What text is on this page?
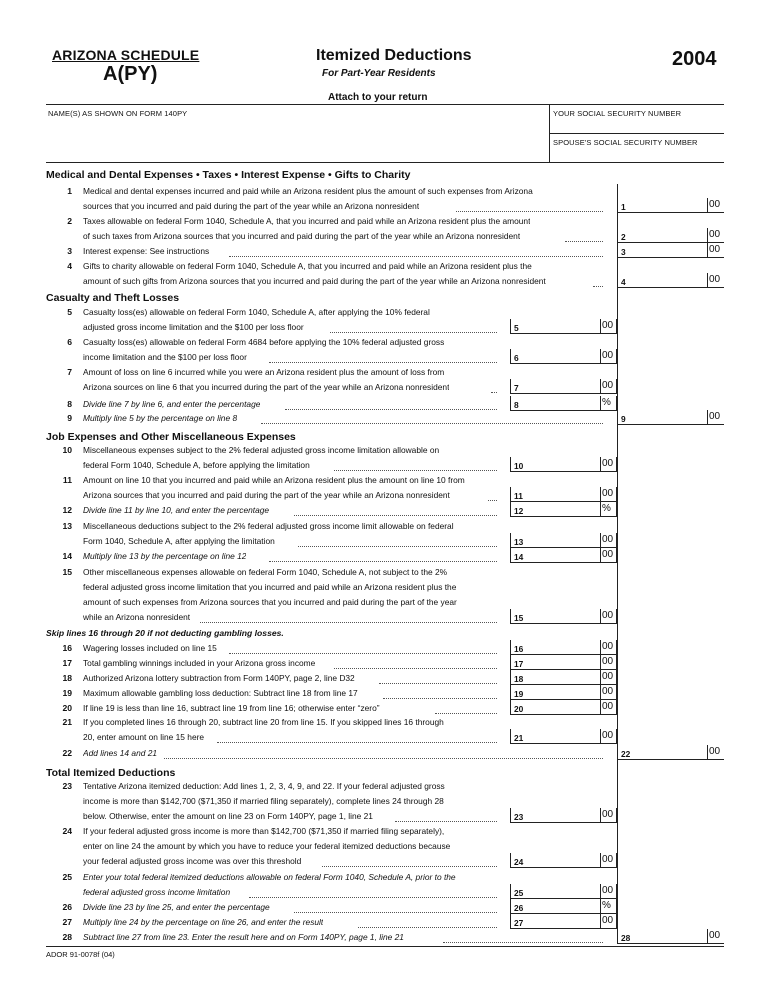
ARIZONA SCHEDULE
A(PY)
Itemized Deductions
For Part-Year Residents
2004
Attach to your return
NAME(S) AS SHOWN ON FORM 140PY	YOUR SOCIAL SECURITY NUMBER
SPOUSE'S SOCIAL SECURITY NUMBER
Medical and Dental Expenses • Taxes • Interest Expense • Gifts to Charity
Casualty and Theft Losses
Job Expenses and Other Miscellaneous Expenses
Skip lines 16 through 20 if not deducting gambling losses.
Total Itemized Deductions
1 Medical and dental expenses incurred and paid while an Arizona resident plus the amount of such expenses from Arizona
sources that you incurred and paid during the part of the year while an Arizona nonresident	1	00
2 Taxes allowable on federal Form 1040, Schedule A, that you incurred and paid while an Arizona resident plus the amount
of such taxes from Arizona sources that you incurred and paid during the part of the year while an Arizona nonresident	2	00
3 Interest expense: See instructions	3	00
4 Gifts to charity allowable on federal Form 1040, Schedule A, that you incurred and paid while an Arizona resident plus the
amount of such gifts from Arizona sources that you incurred and paid during the part of the year while an Arizona nonresident	4	00
5 Casualty loss(es) allowable on federal Form 1040, Schedule A, after applying the 10% federal
adjusted gross income limitation and the $100 per loss floor	5	00
6 Casualty loss(es) allowable on federal Form 4684 before applying the 10% federal adjusted gross
income limitation and the $100 per loss floor	6	00
7 Amount of loss on line 6 incurred while you were an Arizona resident plus the amount of loss from
Arizona sources on line 6 that you incurred during the part of the year while an Arizona nonresident	7	00
8 Divide line 7 by line 6, and enter the percentage	8	%
9 Multiply line 5 by the percentage on line 8	9	00
10 Miscellaneous expenses subject to the 2% federal adjusted gross income limitation allowable on
federal Form 1040, Schedule A, before applying the limitation	10	00
11 Amount on line 10 that you incurred and paid while an Arizona resident plus the amount on line 10 from
Arizona sources that you incurred and paid during the part of the year while an Arizona nonresident	11	00
12 Divide line 11 by line 10, and enter the percentage	12	%
13 Miscellaneous deductions subject to the 2% federal adjusted gross income limit allowable on federal
Form 1040, Schedule A, after applying the limitation	13	00
14 Multiply line 13 by the percentage on line 12	14	00
15 Other miscellaneous expenses allowable on federal Form 1040, Schedule A, not subject to the 2%
federal adjusted gross income limitation that you incurred and paid while an Arizona resident plus the
amount of such expenses from Arizona sources that you incurred and paid during the part of the year
while an Arizona nonresident	15	00
16 Wagering losses included on line 15	16	00
17 Total gambling winnings included in your Arizona gross income	17	00
18 Authorized Arizona lottery subtraction from Form 140PY, page 2, line D32	18	00
19 Maximum allowable gambling loss deduction: Subtract line 18 from line 17	19	00
20 If line 19 is less than line 16, subtract line 19 from line 16; otherwise enter “zero”	20	00
21 If you completed lines 16 through 20, subtract line 20 from line 15. If you skipped lines 16 through
20, enter amount on line 15 here	21	00
22 Add lines 14 and 21	22	00
23 Tentative Arizona itemized deduction: Add lines 1, 2, 3, 4, 9, and 22. If your federal adjusted gross
income is more than $142,700 ($71,350 if married filing separately), complete lines 24 through 28
below. Otherwise, enter the amount on line 23 on Form 140PY, page 1, line 21	23	00
24 If your federal adjusted gross income is more than $142,700 ($71,350 if married filing separately),
enter on line 24 the amount by which you have to reduce your federal itemized deductions because
your federal adjusted gross income was over this threshold	24	00
25 Enter your total federal itemized deductions allowable on federal Form 1040, Schedule A, prior to the
federal adjusted gross income limitation	25	00
26 Divide line 23 by line 25, and enter the percentage	26	%
27 Multiply line 24 by the percentage on line 26, and enter the result	27	00
28 Subtract line 27 from line 23. Enter the result here and on Form 140PY, page 1, line 21	28	00
ADOR 91-0078f (04)
